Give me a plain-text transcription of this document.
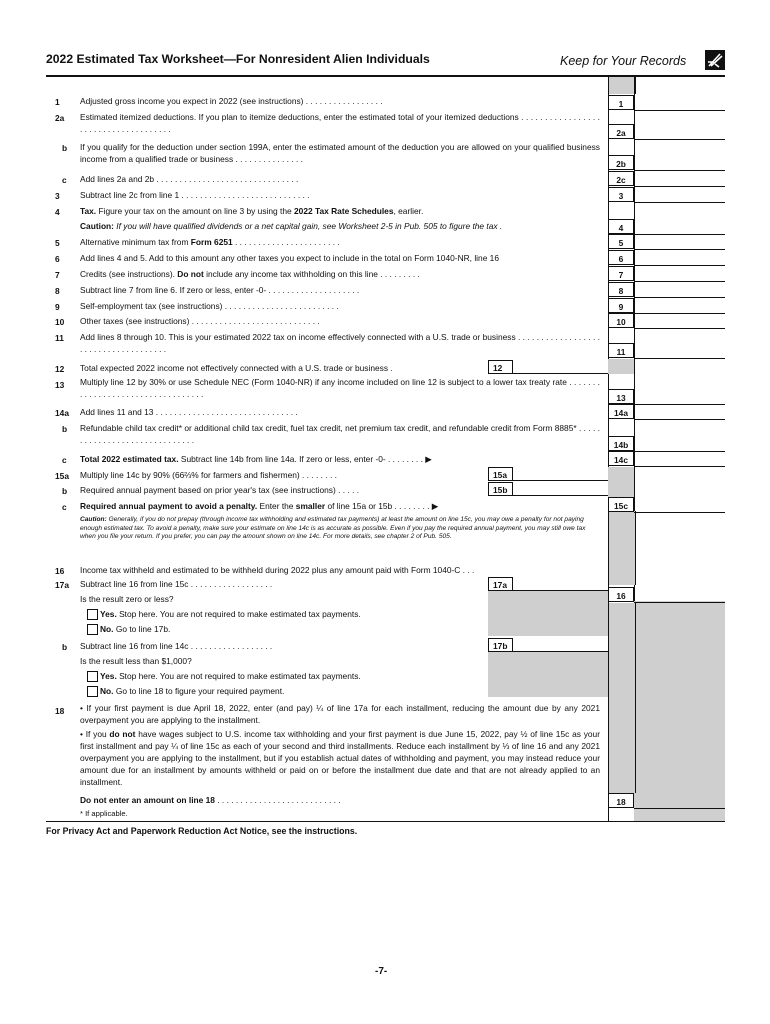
2022 Estimated Tax Worksheet—For Nonresident Alien Individuals	Keep for Your Records
1 Adjusted gross income you expect in 2022 (see instructions) . . . . . . . . . . . . . . . . .	1
2a Estimated itemized deductions. If you plan to itemize deductions, enter the estimated total of your itemized deductions . . . . . . . . . . . . . . . . . . . . . . . . . . . . . . . . . . . . .	2a
b If you qualify for the deduction under section 199A, enter the estimated amount of the deduction you are allowed on your qualified business income from a qualified trade or business . . . . . . . . . . . . . . .	2b
c Add lines 2a and 2b . . . . . . . . . . . . . . . . . . . . . . . . . . . . . . .	2c
3 Subtract line 2c from line 1 . . . . . . . . . . . . . . . . . . . . . . . . . . . .	3
4 Tax. Figure your tax on the amount on line 3 by using the 2022 Tax Rate Schedules, earlier.
Caution: If you will have qualified dividends or a net capital gain, see Worksheet 2-5 in Pub. 505 to figure the tax .	4
5 Alternative minimum tax from Form 6251 . . . . . . . . . . . . . . . . . . . . . . .	5
6 Add lines 4 and 5. Add to this amount any other taxes you expect to include in the total on Form 1040-NR, line 16	6
7 Credits (see instructions). Do not include any income tax withholding on this line . . . . . . . . .	7
8 Subtract line 7 from line 6. If zero or less, enter -0- . . . . . . . . . . . . . . . . . . . .	8
9 Self-employment tax (see instructions) . . . . . . . . . . . . . . . . . . . . . . . . .	9
10 Other taxes (see instructions) . . . . . . . . . . . . . . . . . . . . . . . . . . . .	10
11 Add lines 8 through 10. This is your estimated 2022 tax on income effectively connected with a U.S. trade or business . . . . . . . . . . . . . . . . . . . . . . . . . . . . . . . . . . . . .	11
12 Total expected 2022 income not effectively connected with a U.S. trade or business .	12
13 Multiply line 12 by 30% or use Schedule NEC (Form 1040-NR) if any income included on line 12 is subject to a lower tax treaty rate . . . . . . . . . . . . . . . . . . . . . . . . . . . . . . . . . .	13
14a Add lines 11 and 13 . . . . . . . . . . . . . . . . . . . . . . . . . . . . . . .	14a
b Refundable child tax credit* or additional child tax credit, fuel tax credit, net premium tax credit, and refundable credit from Form 8885* . . . . . . . . . . . . . . . . . . . . . . . . . . . . . .	14b
c Total 2022 estimated tax. Subtract line 14b from line 14a. If zero or less, enter -0- . . . . . . . . ▶	14c
15a Multiply line 14c by 90% (66⅔% for farmers and fishermen) . . . . . . . .	15a
b Required annual payment based on prior year's tax (see instructions) . . . . .	15b
c Required annual payment to avoid a penalty. Enter the smaller of line 15a or 15b . . . . . . . . ▶	15c
Caution: Generally, if you do not prepay (through income tax withholding and estimated tax payments) at least the amount on line 15c, you may owe a penalty for not paying enough estimated tax. To avoid a penalty, make sure your estimate on line 14c is as accurate as possible. Even if you pay the required annual payment, you may still owe tax when you file your return. If you prefer, you can pay the amount shown on line 14c. For more details, see chapter 2 of Pub. 505.
16 Income tax withheld and estimated to be withheld during 2022 plus any amount paid with Form 1040-C . . .
16
17a Subtract line 16 from line 15c . . . . . . . . . . . . . . . . . .	17a
Is the result zero or less?
Yes. Stop here. You are not required to make estimated tax payments.
No. Go to line 17b.
b Subtract line 16 from line 14c . . . . . . . . . . . . . . . . . .	17b
Is the result less than $1,000?
Yes. Stop here. You are not required to make estimated tax payments.
No. Go to line 18 to figure your required payment.
18 • If your first payment is due April 18, 2022, enter (and pay) ¼ of line 17a for each installment, reducing the amount due by any 2021 overpayment you are applying to the installment.
• If you do not have wages subject to U.S. income tax withholding and your first payment is due June 15, 2022, pay ½ of line 15c as your first installment and pay ¼ of line 15c as each of your second and third installments. Reduce each installment by ⅓ of line 16 and any 2021 overpayment you are applying to the installment, but if you establish actual dates of withholding and payment, you may instead reduce your amount due for an installment by amounts withheld or paid on or before the installment due date and that are not already applied to an installment.
Do not enter an amount on line 18 . . . . . . . . . . . . . . . . . . . . . . . . . . .	18
* If applicable.
For Privacy Act and Paperwork Reduction Act Notice, see the instructions.
-7-
